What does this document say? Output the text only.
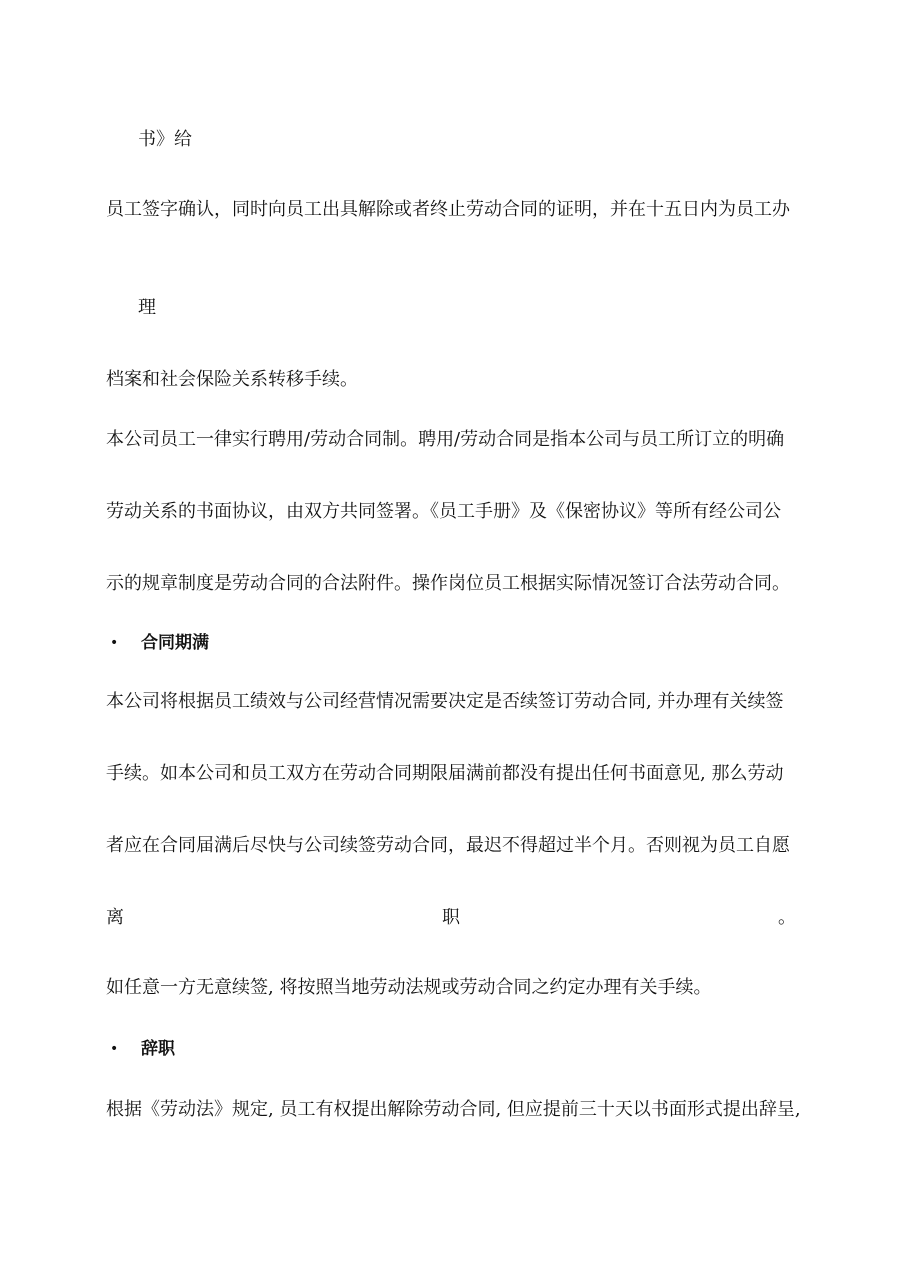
书》给
员工签字确认，同时向员工出具解除或者终止劳动合同的证明，并在十五日内为员工办
理
档案和社会保险关系转移手续。
本公司员工一律实行聘用/劳动合同制。聘用/劳动合同是指本公司与员工所订立的明确
劳动关系的书面协议，由双方共同签署。《员工手册》及《保密协议》等所有经公司公
示的规章制度是劳动合同的合法附件。操作岗位员工根据实际情况签订合法劳动合同。
• 合同期满
本公司将根据员工绩效与公司经营情况需要决定是否续签订劳动合同, 并办理有关续签
手续。如本公司和员工双方在劳动合同期限届满前都没有提出任何书面意见, 那么劳动
者应在合同届满后尽快与公司续签劳动合同，最迟不得超过半个月。否则视为员工自愿
离	职	。
如任意一方无意续签, 将按照当地劳动法规或劳动合同之约定办理有关手续。
• 辞职
根据《劳动法》规定, 员工有权提出解除劳动合同, 但应提前三十天以书面形式提出辞呈,
